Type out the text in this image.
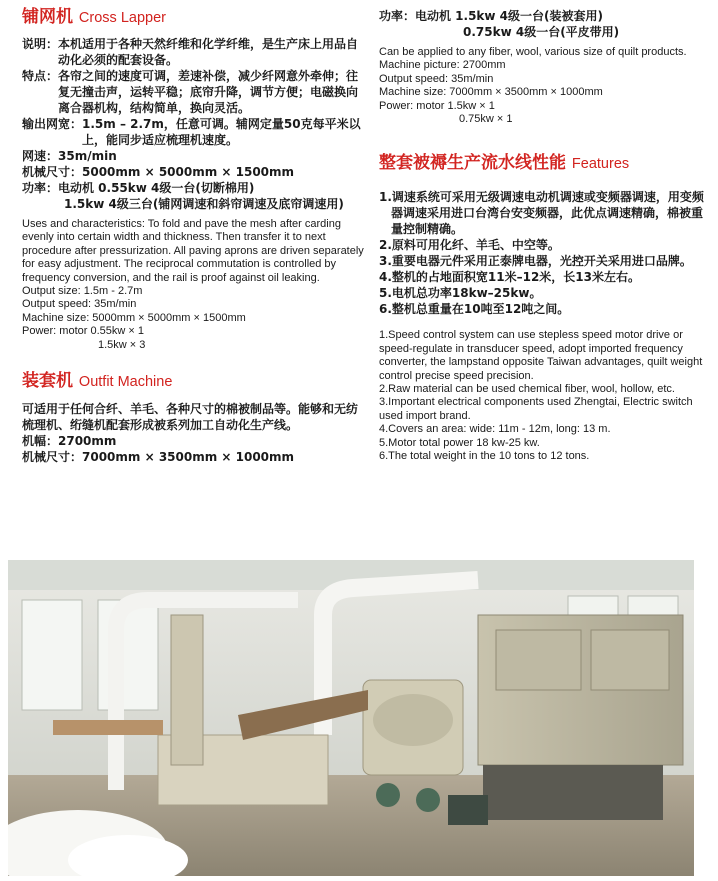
铺网机 Cross Lapper
说明： 本机适用于各种天然纤维和化学纤维，是生产床上用品自动化必须的配套设备。
特点： 各帘之间的速度可调，差速补偿，减少纤网意外牵伸；往复无撞击声，运转平稳；底帘升降，调节方便；电磁换向离合器机构，结构简单，换向灵活。
输出网宽： 1.5m – 2.7m，任意可调。辅网定量50克每平米以上，能同步适应梳理机速度。
网速：35m/min
机械尺寸：5000mm × 5000mm × 1500mm
功率：电动机 0.55kw 4级一台(切断棉用)
1.5kw 4级三台(铺网调速和斜帘调速及底帘调速用)
Uses and characteristics: To fold and pave the mesh after carding evenly into certain width and thickness. Then transfer it to next procedure after pressurization. All paving aprons are driven separately for easy adjustment. The reciprocal commutation is controlled by frequency conversion, and the rail is proof against oil leaking.
Output size: 1.5m - 2.7m
Output speed: 35m/min
Machine size: 5000mm × 5000mm × 1500mm
Power: motor 0.55kw × 1
1.5kw × 3
装套机 Outfit Machine
可适用于任何合纤、羊毛、各种尺寸的棉被制品等。能够和无纺梳理机、绗缝机配套形成被系列加工自动化生产线。
机幅：2700mm
机械尺寸：7000mm × 3500mm × 1000mm
功率：电动机 1.5kw 4级一台(装被套用)
0.75kw 4级一台(平皮带用)
Can be applied to any fiber, wool, various size of quilt products.
Machine picture: 2700mm
Output speed: 35m/min
Machine size: 7000mm × 3500mm × 1000mm
Power: motor 1.5kw × 1
0.75kw × 1
整套被褥生产流水线性能 Features
1.调速系统可采用无级调速电动机调速或变频器调速，用变频器调速采用进口台湾台安变频器，此优点调速精确，棉被重量控制精确。
2.原料可用化纤、羊毛、中空等。
3.重要电器元件采用正泰牌电器，光控开关采用进口品牌。
4.整机的占地面积宽11米–12米，长13米左右。
5.电机总功率18kw–25kw。
6.整机总重量在10吨至12吨之间。
1.Speed control system can use stepless speed motor drive or speed-regulate in transducer speed, adopt imported frequency converter, the lampstand opposite Taiwan advantages, quilt weight control precise speed precision.
2.Raw material can be used chemical fiber, wool, hollow, etc.
3.Important electrical components used Zhengtai, Electric switch used import brand.
4.Covers an area: wide: 11m - 12m, long: 13 m.
5.Motor total power 18 kw-25 kw.
6.The total weight in the 10 tons to 12 tons.
